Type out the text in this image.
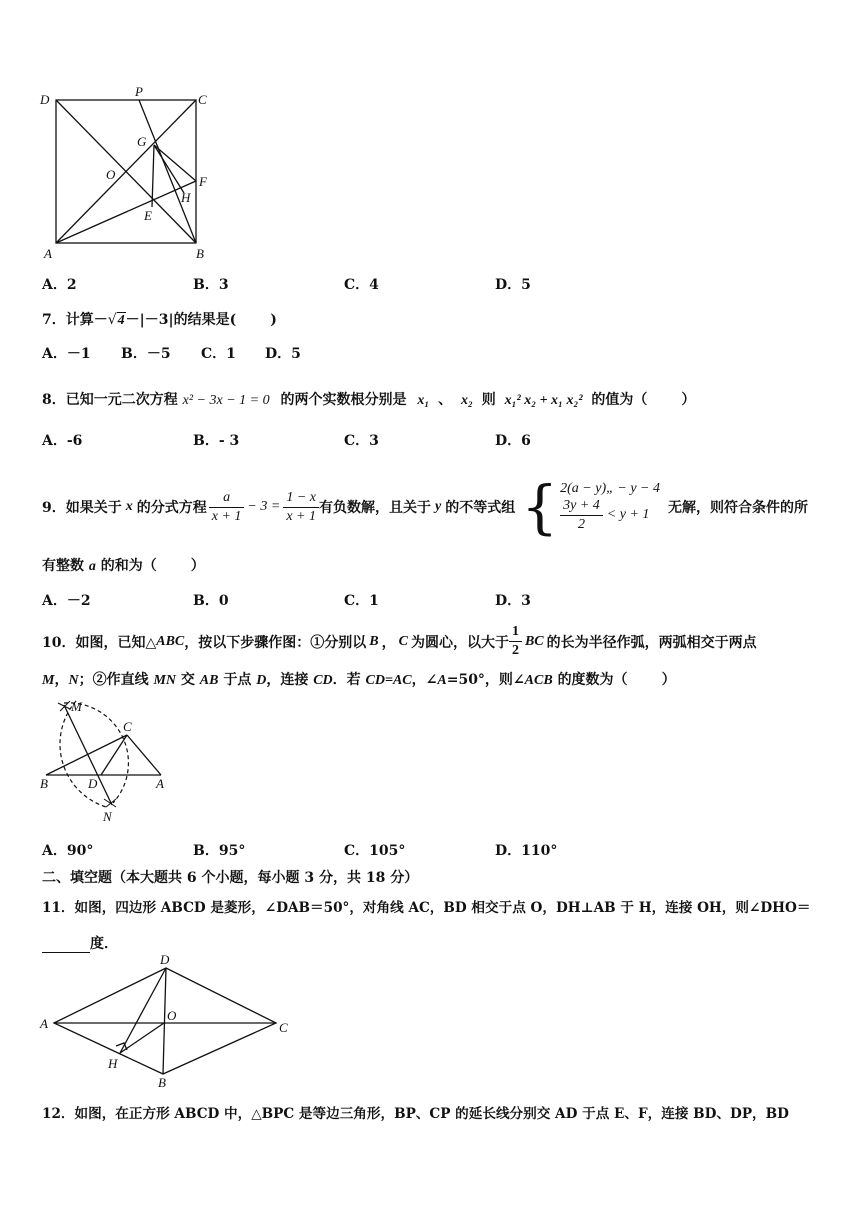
D
P
C
G
O	F
H
E
A	B
A．2	B．3	C．4	D．5
7．计算－√4－|－3|的结果是( )
A．－1 B．－5 C．1 D．5
8．已知一元二次方程 x² − 3x − 1 = 0 的两个实数根分别是 x₁ 、 x₂ 则 x₁² x₂ + x₁ x₂² 的值为（ ）
A．-6	B．- 3	C．3	D．6
9．如果关于 x 的分式方程 $\frac{a}{x + 1} - 3 = \frac{1 - x}{x + 1}$ 有负数解，且关于 y 的不等式组 { 2(a − y)„ − y − 4
$\frac{3y + 4}{2} < y + 1$ 无解，则符合条件的所
有整数 a 的和为（ ）
A．－2	B．0	C．1	D．3
10．如图，已知△ ABC ，按以下步骤作图：①分别以 B ， C 为圆心，以大于 $\frac{1}{2}$ BC 的长为半径作弧，两弧相交于两点
M，N；②作直线 MN 交 AB 于点 D，连接 CD．若 CD=AC，∠A=50°，则∠ACB 的度数为（ ）
M
C
B	D	A
N
A．90°	B．95°	C．105°	D．110°
二、填空题（本大题共 6 个小题，每小题 3 分，共 18 分）
11．如图，四边形 ABCD 是菱形，∠DAB＝50°，对角线 AC，BD 相交于点 O，DH⊥AB 于 H，连接 OH，则∠DHO＝
度．
D
A
O
C
H
B
12．如图，在正方形 ABCD 中，△BPC 是等边三角形，BP、CP 的延长线分别交 AD 于点 E、F，连接 BD、DP，BD
